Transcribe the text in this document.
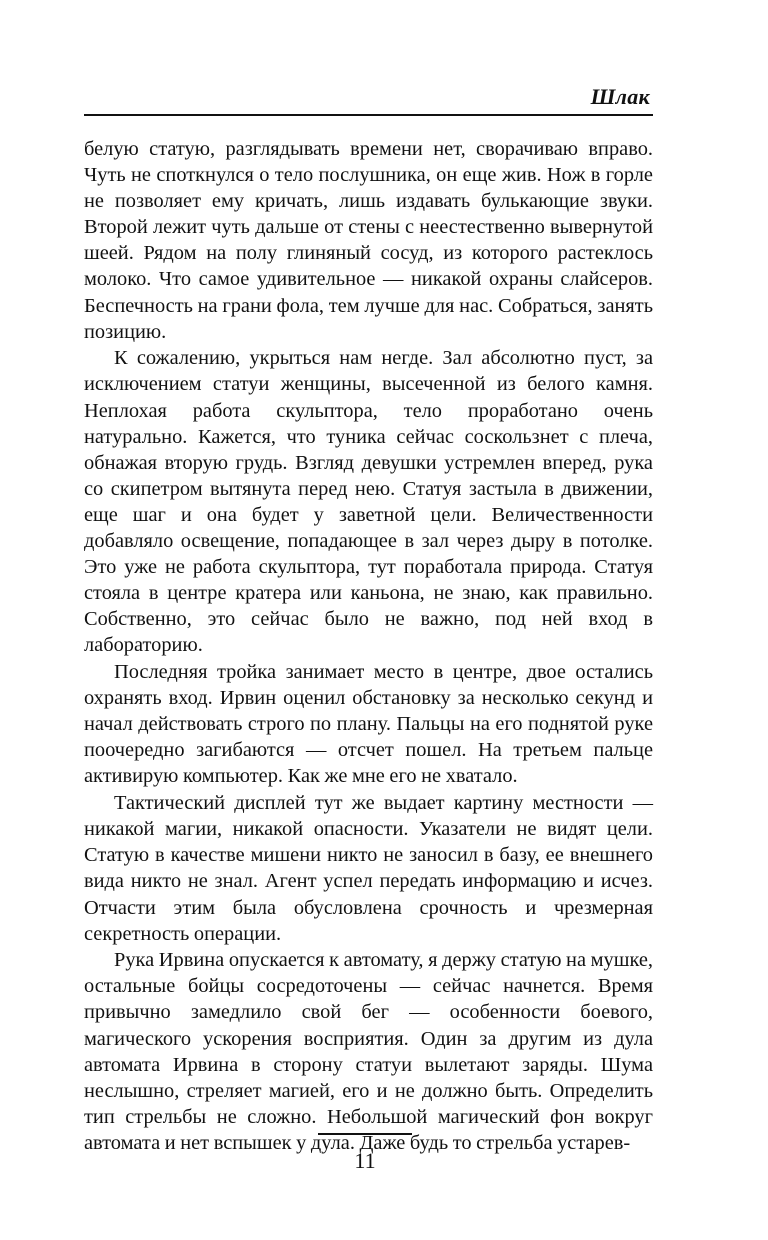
Шлак

белую статую, разглядывать времени нет, сворачиваю вправо. Чуть не споткнулся о тело послушника, он еще жив. Нож в горле не позволяет ему кричать, лишь издавать булькающие звуки. Второй лежит чуть дальше от стены с неестественно вывернутой шеей. Рядом на полу глиняный сосуд, из которого растеклось молоко. Что самое удивительное — никакой охраны слайсеров. Беспечность на грани фола, тем лучше для нас. Собраться, занять позицию.

К сожалению, укрыться нам негде. Зал абсолютно пуст, за исключением статуи женщины, высеченной из белого камня. Неплохая работа скульптора, тело проработано очень натурально. Кажется, что туника сейчас соскользнет с плеча, обнажая вторую грудь. Взгляд девушки устремлен вперед, рука со скипетром вытянута перед нею. Статуя застыла в движении, еще шаг и она будет у заветной цели. Величественности добавляло освещение, попадающее в зал через дыру в потолке. Это уже не работа скульптора, тут поработала природа. Статуя стояла в центре кратера или каньона, не знаю, как правильно. Собственно, это сейчас было не важно, под ней вход в лабораторию.

Последняя тройка занимает место в центре, двое остались охранять вход. Ирвин оценил обстановку за несколько секунд и начал действовать строго по плану. Пальцы на его поднятой руке поочередно загибаются — отсчет пошел. На третьем пальце активирую компьютер. Как же мне его не хватало.

Тактический дисплей тут же выдает картину местности — никакой магии, никакой опасности. Указатели не видят цели. Статую в качестве мишени никто не заносил в базу, ее внешнего вида никто не знал. Агент успел передать информацию и исчез. Отчасти этим была обусловлена срочность и чрезмерная секретность операции.

Рука Ирвина опускается к автомату, я держу статую на мушке, остальные бойцы сосредоточены — сейчас начнется. Время привычно замедлило свой бег — особенности боевого, магического ускорения восприятия. Один за другим из дула автомата Ирвина в сторону статуи вылетают заряды. Шума неслышно, стреляет магией, его и не должно быть. Определить тип стрельбы не сложно. Небольшой магический фон вокруг автомата и нет вспышек у дула. Даже будь то стрельба устарев-

11
